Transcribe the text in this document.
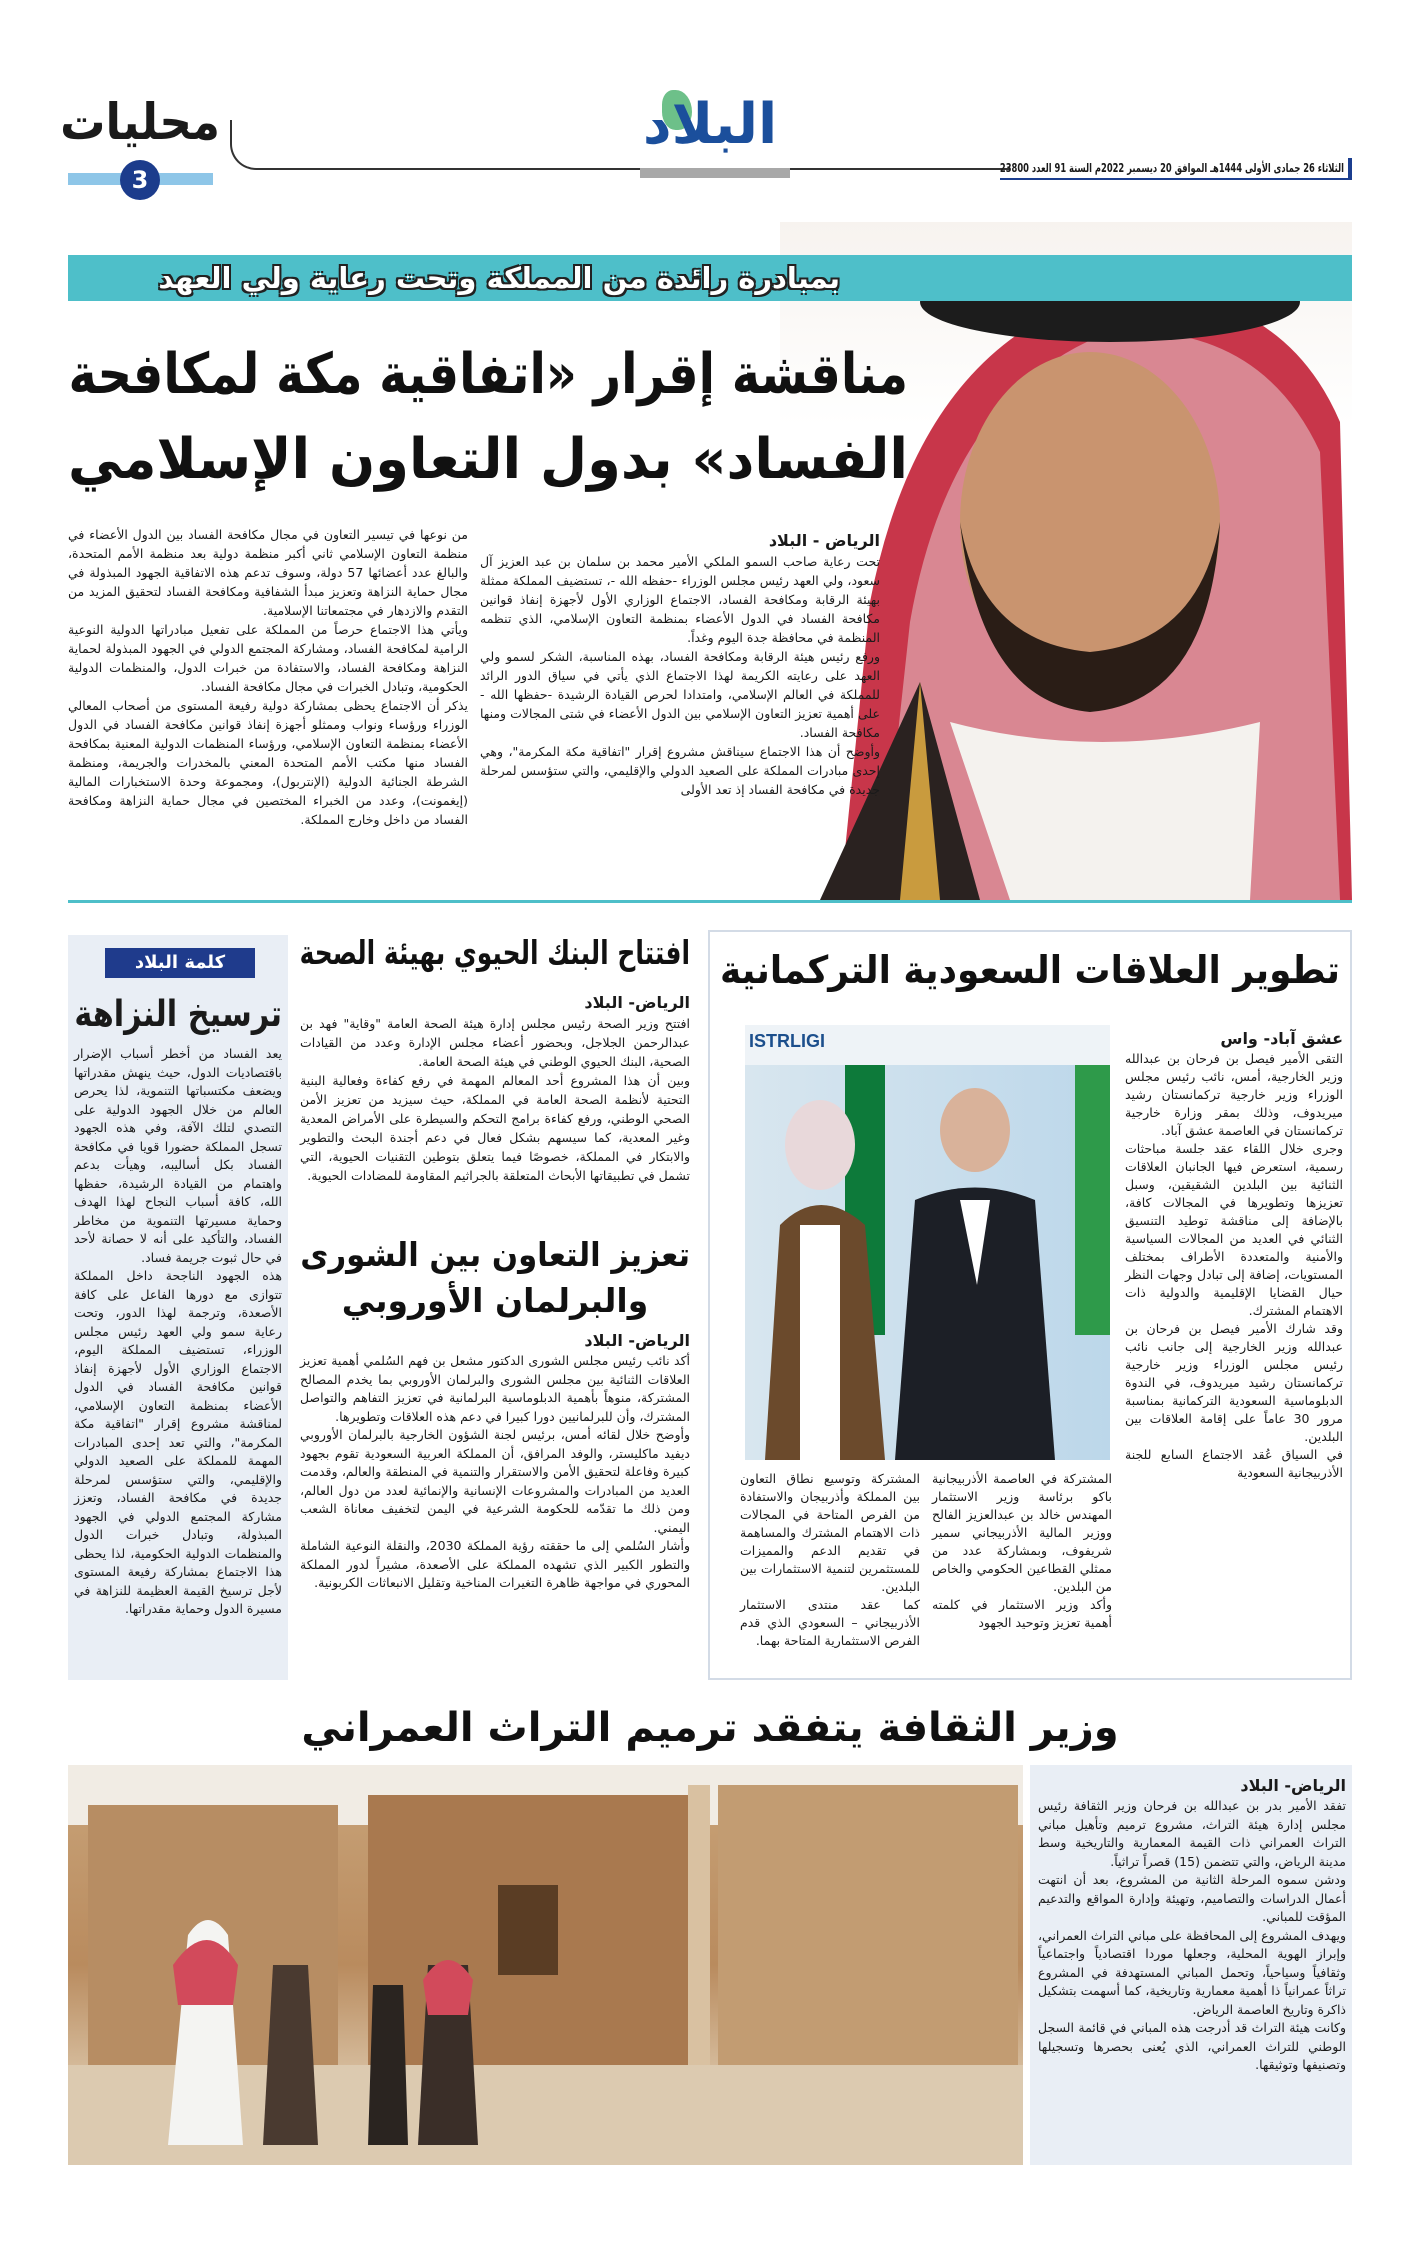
محليات
3
البلاد
الثلاثاء 26 جمادى الأولى 1444هـ الموافق 20 ديسمبر 2022م السنة 91 العدد 23800
بمبادرة رائدة من المملكة وتحت رعاية ولي العهد
مناقشة إقرار «اتفاقية مكة لمكافحة
الفساد» بدول التعاون الإسلامي
الرياض - البلاد

تحت رعاية صاحب السمو الملكي الأمير محمد بن سلمان بن عبد العزيز آل سعود، ولي العهد رئيس مجلس الوزراء -حفظه الله -، تستضيف المملكة ممثلة بهيئة الرقابة ومكافحة الفساد، الاجتماع الوزاري الأول لأجهزة إنفاذ قوانين مكافحة الفساد في الدول الأعضاء بمنظمة التعاون الإسلامي، الذي تنظمه المنظمة في محافظة جدة اليوم وغداً.

ورفع رئيس هيئة الرقابة ومكافحة الفساد، بهذه المناسبة، الشكر لسمو ولي العهد على رعايته الكريمة لهذا الاجتماع الذي يأتي في سياق الدور الرائد للمملكة في العالم الإسلامي، وامتدادا لحرص القيادة الرشيدة -حفظها الله - على أهمية تعزيز التعاون الإسلامي بين الدول الأعضاء في شتى المجالات ومنها مكافحة الفساد.

وأوضح أن هذا الاجتماع سيناقش مشروع إقرار "اتفاقية مكة المكرمة"، وهي إحدى مبادرات المملكة على الصعيد الدولي والإقليمي، والتي ستؤسس لمرحلة جديدة في مكافحة الفساد إذ تعد الأولى

من نوعها في تيسير التعاون في مجال مكافحة الفساد بين الدول الأعضاء في منظمة التعاون الإسلامي ثاني أكبر منظمة دولية بعد منظمة الأمم المتحدة، والبالغ عدد أعضائها 57 دولة، وسوف تدعم هذه الاتفاقية الجهود المبذولة في مجال حماية النزاهة وتعزيز مبدأ الشفافية ومكافحة الفساد لتحقيق المزيد من التقدم والازدهار في مجتمعاتنا الإسلامية.

ويأتي هذا الاجتماع حرصاً من المملكة على تفعيل مبادراتها الدولية النوعية الرامية لمكافحة الفساد، ومشاركة المجتمع الدولي في الجهود المبذولة لحماية النزاهة ومكافحة الفساد، والاستفادة من خبرات الدول، والمنظمات الدولية الحكومية، وتبادل الخبرات في مجال مكافحة الفساد.

يذكر أن الاجتماع يحظى بمشاركة دولية رفيعة المستوى من أصحاب المعالي الوزراء ورؤساء ونواب وممثلو أجهزة إنفاذ قوانين مكافحة الفساد في الدول الأعضاء بمنظمة التعاون الإسلامي، ورؤساء المنظمات الدولية المعنية بمكافحة الفساد منها مكتب الأمم المتحدة المعني بالمخدرات والجريمة، ومنظمة الشرطة الجنائية الدولية (الإنتربول)، ومجموعة وحدة الاستخبارات المالية (إيغمونت)، وعدد من الخبراء المختصين في مجال حماية النزاهة ومكافحة الفساد من داخل وخارج المملكة.

كلمة البلاد
ترسيخ النزاهة

يعد الفساد من أخطر أسباب الإضرار باقتصاديات الدول، حيث ينهش مقدراتها ويضعف مكتسباتها التنموية، لذا يحرص العالم من خلال الجهود الدولية على التصدي لتلك الآفة، وفي هذه الجهود تسجل المملكة حضورا قويا في مكافحة الفساد بكل أساليبه، وهيأت بدعم واهتمام من القيادة الرشيدة، حفظها الله، كافة أسباب النجاح لهذا الهدف وحماية مسيرتها التنموية من مخاطر الفساد، والتأكيد على أنه لا حصانة لأحد في حال ثبوت جريمة فساد.

هذه الجهود الناجحة داخل المملكة تتوازى مع دورها الفاعل على كافة الأصعدة، وترجمة لهذا الدور، وتحت رعاية سمو ولي العهد رئيس مجلس الوزراء، تستضيف المملكة اليوم، الاجتماع الوزاري الأول لأجهزة إنفاذ قوانين مكافحة الفساد في الدول الأعضاء بمنظمة التعاون الإسلامي، لمناقشة مشروع إقرار "اتفاقية مكة المكرمة"، والتي تعد إحدى المبادرات المهمة للمملكة على الصعيد الدولي والإقليمي، والتي ستؤسس لمرحلة جديدة في مكافحة الفساد، وتعزز مشاركة المجتمع الدولي في الجهود المبذولة، وتبادل خبرات الدول والمنظمات الدولية الحكومية، لذا يحظى هذا الاجتماع بمشاركة رفيعة المستوى لأجل ترسيخ القيمة العظيمة للنزاهة في مسيرة الدول وحماية مقدراتها.

افتتاح البنك الحيوي بهيئة الصحة
الرياض- البلاد

افتتح وزير الصحة رئيس مجلس إدارة هيئة الصحة العامة "وقاية" فهد بن عبدالرحمن الجلاجل، وبحضور أعضاء مجلس الإدارة وعدد من القيادات الصحية، البنك الحيوي الوطني في هيئة الصحة العامة.

وبين أن هذا المشروع أحد المعالم المهمة في رفع كفاءة وفعالية البنية التحتية لأنظمة الصحة العامة في المملكة، حيث سيزيد من تعزيز الأمن الصحي الوطني، ورفع كفاءة برامج التحكم والسيطرة على الأمراض المعدية وغير المعدية، كما سيسهم بشكل فعال في دعم أجندة البحث والتطوير والابتكار في المملكة، خصوصًا فيما يتعلق بتوطين التقنيات الحيوية، التي تشمل في تطبيقاتها الأبحاث المتعلقة بالجراثيم المقاومة للمضادات الحيوية.

تعزيز التعاون بين الشورى
والبرلمان الأوروبي
الرياض- البلاد

أكد نائب رئيس مجلس الشورى الدكتور مشعل بن فهم السُلمي أهمية تعزيز العلاقات الثنائية بين مجلس الشورى والبرلمان الأوروبي بما يخدم المصالح المشتركة، منوهاً بأهمية الدبلوماسية البرلمانية في تعزيز التفاهم والتواصل المشترك، وأن للبرلمانيين دورا كبيرا في دعم هذه العلاقات وتطويرها.

وأوضح خلال لقائه أمس، برئيس لجنة الشؤون الخارجية بالبرلمان الأوروبي ديفيد ماكليستر، والوفد المرافق، أن المملكة العربية السعودية تقوم بجهود كبيرة وفاعلة لتحقيق الأمن والاستقرار والتنمية في المنطقة والعالم، وقدمت العديد من المبادرات والمشروعات الإنسانية والإنمائية لعدد من دول العالم، ومن ذلك ما تقدّمه للحكومة الشرعية في اليمن لتخفيف معاناة الشعب اليمني.

وأشار السُلمي إلى ما حققته رؤية المملكة 2030، والنقلة النوعية الشاملة والتطور الكبير الذي تشهده المملكة على الأصعدة، مشيراً لدور المملكة المحوري في مواجهة ظاهرة التغيرات المناخية وتقليل الانبعاثات الكربونية.

تطوير العلاقات السعودية التركمانية
ISTRLIGI	عشق آباد- واس

التقى الأمير فيصل بن فرحان بن عبدالله وزير الخارجية، أمس، نائب رئيس مجلس الوزراء وزير خارجية تركمانستان رشيد ميريدوف، وذلك بمقر وزارة خارجية تركمانستان في العاصمة عشق آباد.

وجرى خلال اللقاء عقد جلسة مباحثات رسمية، استعرض فيها الجانبان العلاقات الثنائية بين البلدين الشقيقين، وسبل تعزيزها وتطويرها في المجالات كافة، بالإضافة إلى مناقشة توطيد التنسيق الثنائي في العديد من المجالات السياسية والأمنية والمتعددة الأطراف بمختلف المستويات، إضافة إلى تبادل وجهات النظر حيال القضايا الإقليمية والدولية ذات الاهتمام المشترك.

وقد شارك الأمير فيصل بن فرحان بن عبدالله وزير الخارجية إلى جانب نائب رئيس مجلس الوزراء وزير خارجية تركمانستان رشيد ميريدوف، في الندوة الدبلوماسية السعودية التركمانية بمناسبة مرور 30 عاماً على إقامة العلاقات بين البلدين.

في السياق عُقد الاجتماع السابع للجنة الأذربيجانية السعودية

المشتركة في العاصمة الأذربيجانية باكو برئاسة وزير الاستثمار المهندس خالد بن عبدالعزيز الفالح ووزير المالية الأذربيجاني سمير شريفوف، وبمشاركة عدد من ممثلي القطاعين الحكومي والخاص من البلدين.

وأكد وزير الاستثمار في كلمته أهمية تعزيز وتوحيد الجهود

المشتركة وتوسيع نطاق التعاون بين المملكة وأذربيجان والاستفادة من الفرص المتاحة في المجالات ذات الاهتمام المشترك والمساهمة في تقديم الدعم والمميزات للمستثمرين لتنمية الاستثمارات بين البلدين.

كما عقد منتدى الاستثمار الأذربيجاني – السعودي الذي قدم الفرص الاستثمارية المتاحة بهما.

وزير الثقافة يتفقد ترميم التراث العمراني
الرياض- البلاد

تفقد الأمير بدر بن عبدالله بن فرحان وزير الثقافة رئيس مجلس إدارة هيئة التراث، مشروع ترميم وتأهيل مباني التراث العمراني ذات القيمة المعمارية والتاريخية وسط مدينة الرياض، والتي تتضمن (15) قصراً تراثياً.

ودشن سموه المرحلة الثانية من المشروع، بعد أن انتهت أعمال الدراسات والتصاميم، وتهيئة وإدارة المواقع والتدعيم المؤقت للمباني.

ويهدف المشروع إلى المحافظة على مباني التراث العمراني، وإبراز الهوية المحلية، وجعلها موردا اقتصادياً واجتماعياً وثقافياً وسياحياً، وتحمل المباني المستهدفة في المشروع تراثاً عمرانياً ذا أهمية معمارية وتاريخية، كما أسهمت بتشكيل ذاكرة وتاريخ العاصمة الرياض.

وكانت هيئة التراث قد أدرجت هذه المباني في قائمة السجل الوطني للتراث العمراني، الذي يُعنى بحصرها وتسجيلها وتصنيفها وتوثيقها.
